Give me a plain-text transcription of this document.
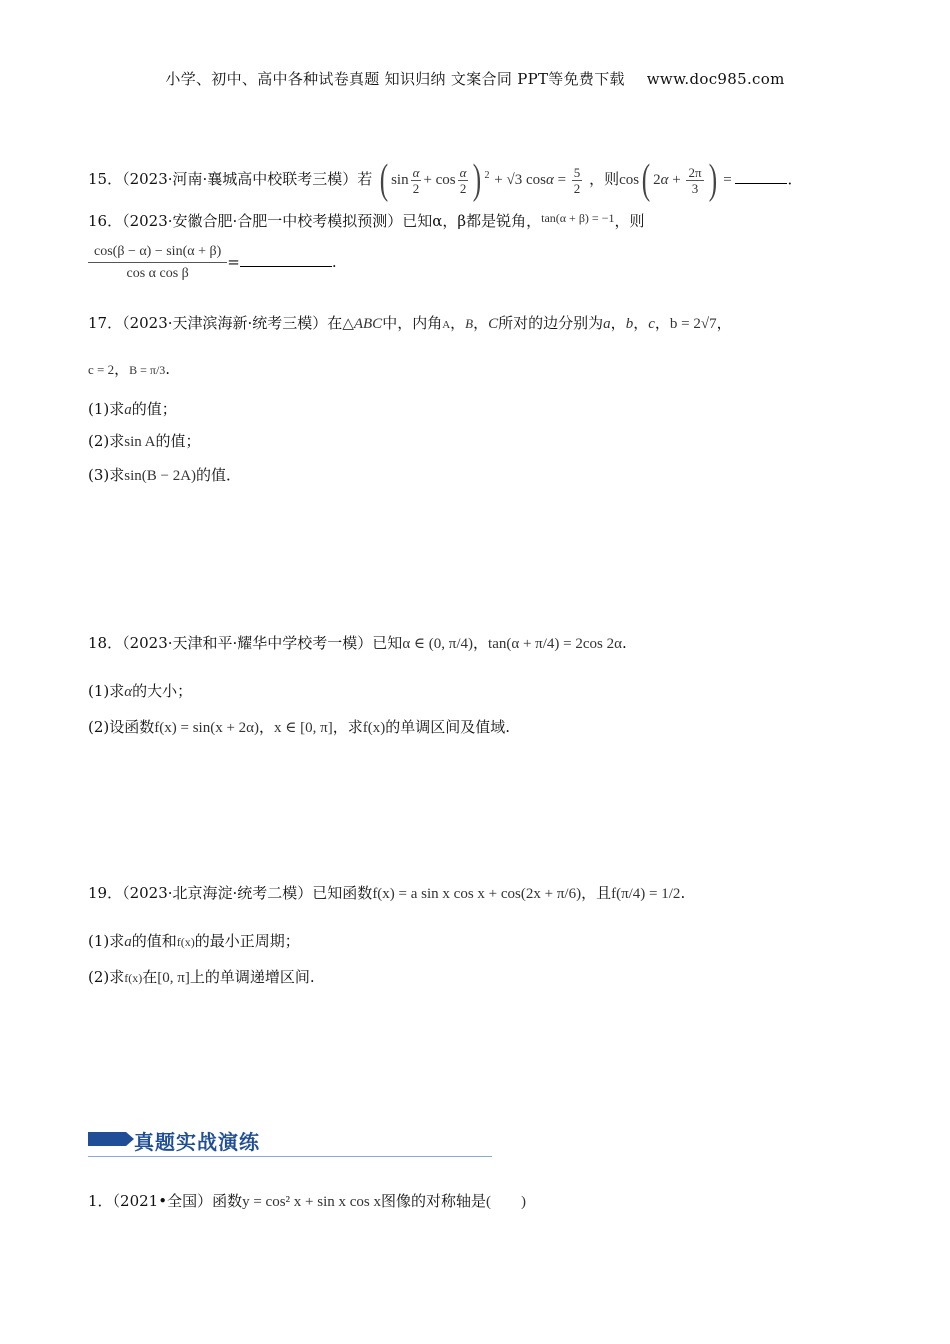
小学、初中、高中各种试卷真题 知识归纳 文案合同 PPT等免费下载 www.doc985.com
15．（2023·河南·襄城高中校联考三模）若 ( $\sin \frac{\alpha}{2} + \cos \frac{\alpha}{2}$ ) $^2$ + √3 $\cos\alpha = \frac{5}{2}$ ，则cos( $2\alpha + \frac{2\pi}{3}$ ) =	．
16．（2023·安徽合肥·合肥一中校考模拟预测）已知α，β都是锐角，$^{tan(\alpha + \beta) = -1}$，则
$\frac{\cos(\beta - \alpha) - \sin(\alpha + \beta)}{\text{cos α cos β}}$ =	.
17．（2023·天津滨海新·统考三模）在△ABC中，内角A，B，C所对的边分别为a，b，c，b = 2√7，
c = 2，B = π/3.
(1)求a的值；
(2)求sin A的值；
(3)求sin(B − 2A)的值．
18．（2023·天津和平·耀华中学校考一模）已知α ∈ (0, π/4)，tan(α + π/4) = 2cos 2α.
(1)求α的大小；
(2)设函数f(x) = sin(x + 2α)，x ∈ [0, π]，求f(x)的单调区间及值域.
19．（2023·北京海淀·统考二模）已知函数f(x) = a sin x cos x + cos(2x + π/6)，且f(π/4) = 1/2.
(1)求a的值和f(x)的最小正周期；
(2)求f(x)在[0, π]上的单调递增区间.
真题实战演练
1．（2021•全国）函数y = cos² x + sin x cos x图像的对称轴是(　　)
